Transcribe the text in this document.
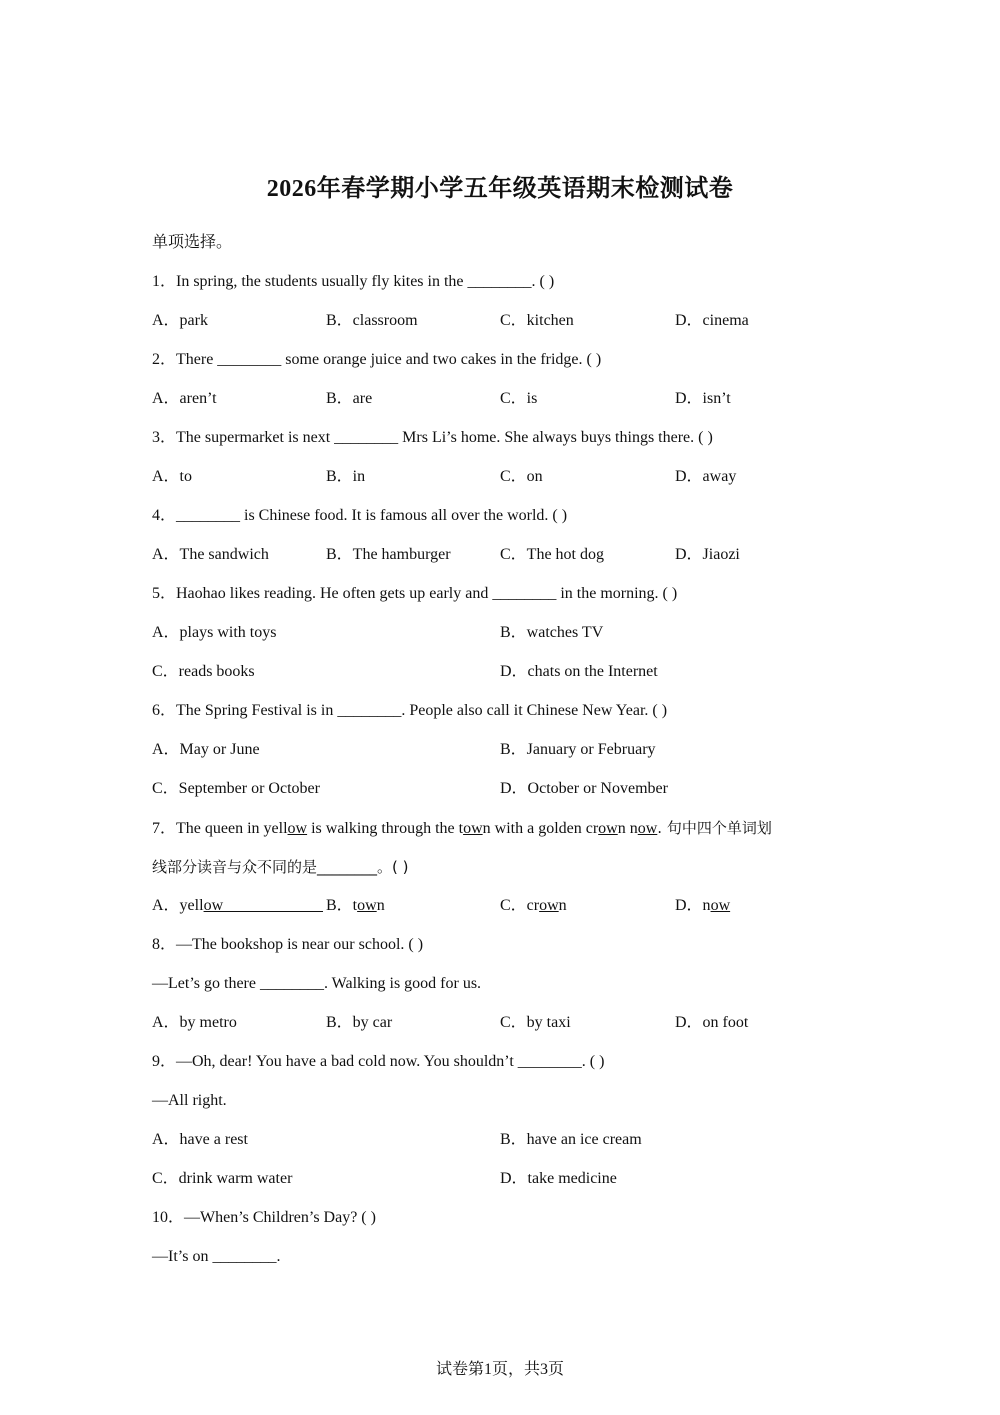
2026年春学期小学五年级英语期末检测试卷
单项选择。
1．In spring, the students usually fly kites in the ________. ( )
A．park	B．classroom	C．kitchen	D．cinema
2．There ________ some orange juice and two cakes in the fridge. ( )
A．aren’t	B．are	C．is	D．isn’t
3．The supermarket is next ________ Mrs Li’s home. She always buys things there. ( )
A．to	B．in	C．on	D．away
4．________ is Chinese food. It is famous all over the world. ( )
A．The sandwich	B．The hamburger	C．The hot dog	D．Jiaozi
5．Haohao likes reading. He often gets up early and ________ in the morning. ( )
A．plays with toys	B．watches TV
C．reads books	D．chats on the Internet
6．The Spring Festival is in ________. People also call it Chinese New Year. ( )
A．May or June	B．January or February
C．September or October	D．October or November
7．The queen in yellow is walking through the town with a golden crown now. 句中四个单词划
线部分读音与众不同的是________。( )
A．yellow	B．town	C．crown	D．now
8．—The bookshop is near our school. ( )
—Let’s go there ________. Walking is good for us.
A．by metro	B．by car	C．by taxi	D．on foot
9．—Oh, dear! You have a bad cold now. You shouldn’t ________. ( )
—All right.
A．have a rest	B．have an ice cream
C．drink warm water	D．take medicine
10．—When’s Children’s Day? ( )
—It’s on ________.
试卷第1页，共3页
